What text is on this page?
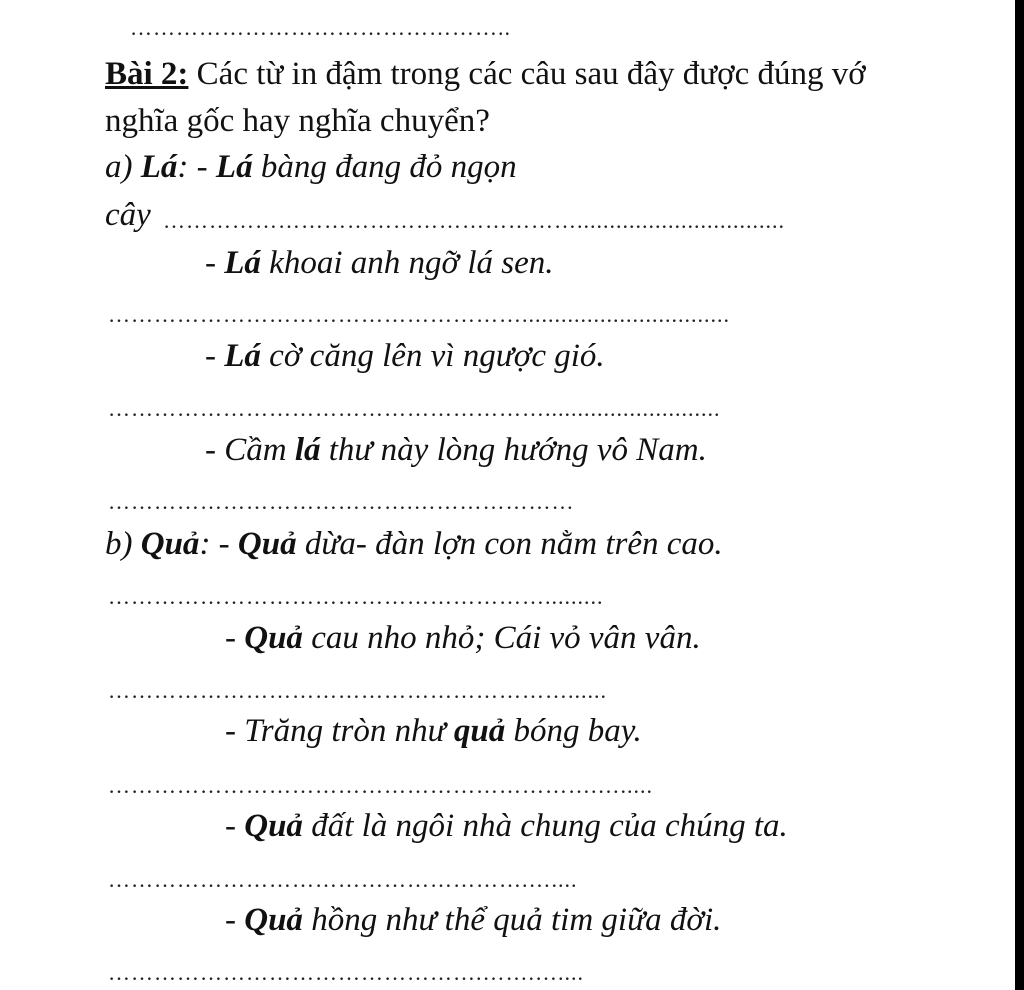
…………………………………………..
Bài 2: Các từ in đậm trong các câu sau đây được đúng vớ
nghĩa gốc hay nghĩa chuyển?
a) Lá: - Lá bàng đang đỏ ngọn
cây ………………………………………………................................
- Lá khoai anh ngỡ lá sen.
………………………………………………................................
- Lá cờ căng lên vì ngược gió.
…………………………………………………...........................
- Cầm lá thư này lòng hướng vô Nam.
………………………………….…………………
b) Quả: - Quả dừa- đàn lợn con nằm trên cao.
………………………………………………….........
- Quả cau nho nhỏ; Cái vỏ vân vân.
……………………………………………………......
- Trăng tròn như quả bóng bay.
……………………………………………………….….....
- Quả đất là ngôi nhà chung của chúng ta.
……………………………………………….…....
- Quả hồng như thể quả tim giữa đời.
………………………………………….…….…....
